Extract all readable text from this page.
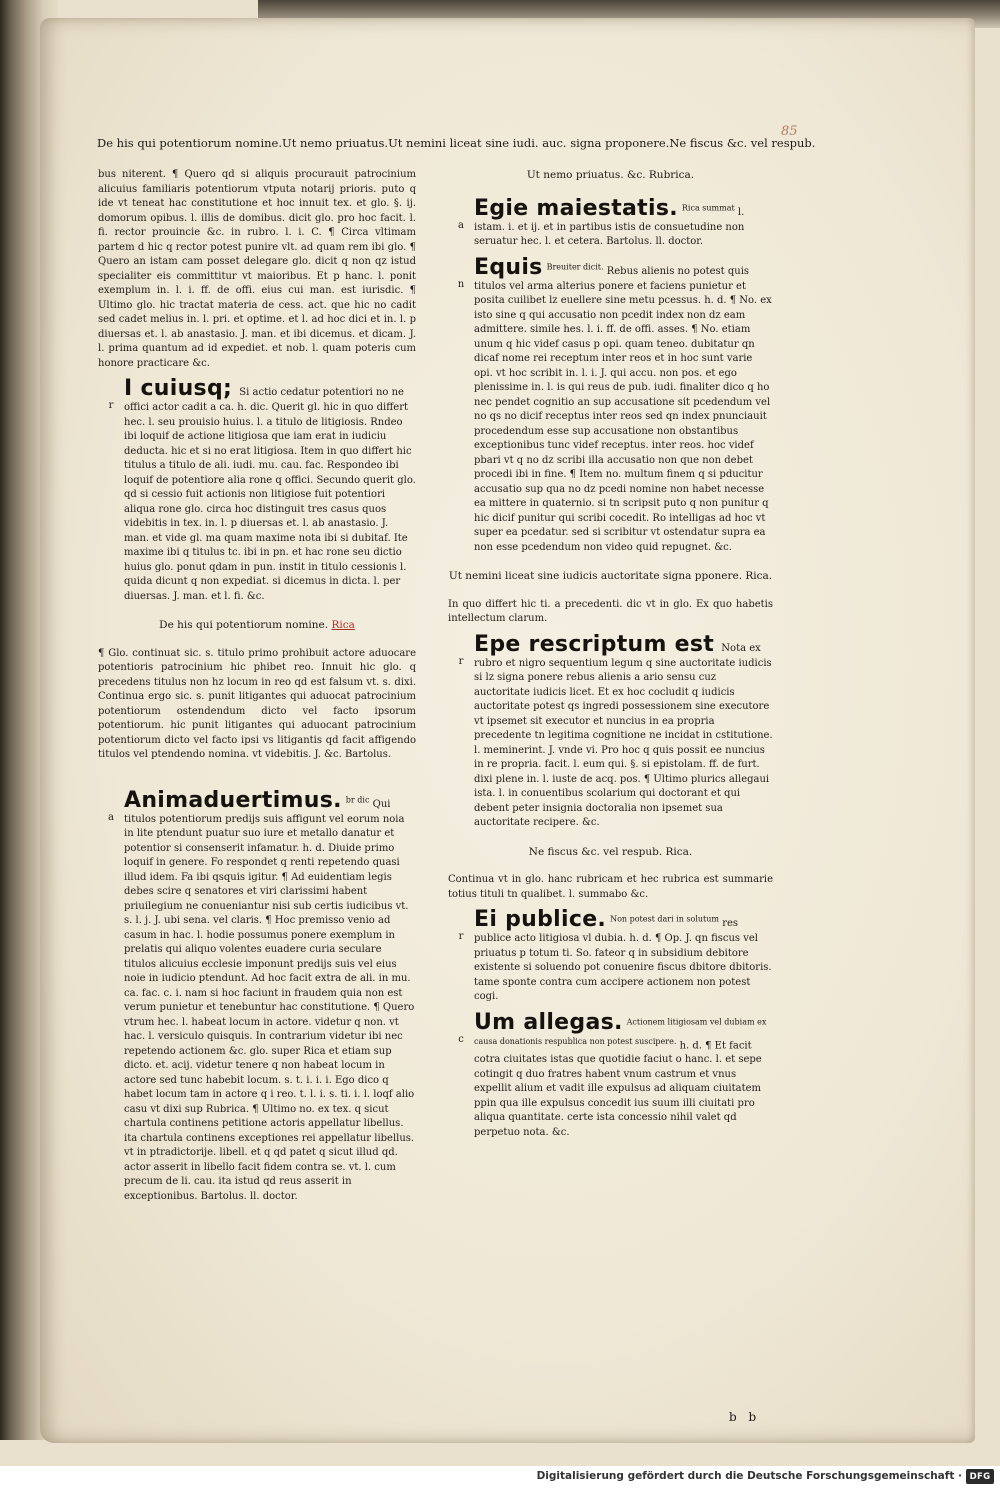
85
De his qui potentiorum nomine. Ut nemo priuatus. Ut nemini liceat sine iudi. auc. signa proponere. Ne fiscus &c. vel respub.

bus niterent. ¶ Quero qd si aliquis procurauit patrocinium alicuius familiaris potentiorum vtputa notarij prioris. puto q ide vt teneat hac constitutione et hoc innuit tex. et glo. §. ij. domorum opibus. l. illis de domibus. dicit glo. pro hoc facit. l. fi. rector prouincie &c. in rubro. l. i. C. ¶ Circa vltimam partem d hic q rector potest punire vlt. ad quam rem ibi glo. ¶ Quero an istam cam posset delegare glo. dicit q non qz istud specialiter eis committitur vt maioribus. Et p hanc. l. ponit exemplum in. l. i. ff. de offi. eius cui man. est iurisdic. ¶ Ultimo glo. hic tractat materia de cess. act. que hic no cadit sed cadet melius in. l. pri. et optime. et l. ad hoc dici et in. l. p diuersas et. l. ab anastasio. J. man. et ibi dicemus. et dicam. J. l. prima quantum ad id expediet. et nob. l. quam poteris cum honore practicare &c.

r
I cuiusq; Si actio cedatur potentiori no ne offici actor cadit a ca. h. dic. Querit gl. hic in quo differt hec. l. seu prouisio huius. l. a titulo de litigiosis. Rndeo ibi loquif de actione litigiosa que iam erat in iudiciu deducta. hic et si no erat litigiosa. Item in quo differt hic titulus a titulo de ali. iudi. mu. cau. fac. Respondeo ibi loquif de potentiore alia rone q offici. Secundo querit glo. qd si cessio fuit actionis non litigiose fuit potentiori aliqua rone glo. circa hoc distinguit tres casus quos videbitis in tex. in. l. p diuersas et. l. ab anastasio. J. man. et vide gl. ma quam maxime nota ibi si dubitaf. Ite maxime ibi q titulus tc. ibi in pn. et hac rone seu dictio huius glo. ponut qdam in pun. instit in titulo cessionis l. quida dicunt q non expediat. si dicemus in dicta. l. per diuersas. J. man. et l. fi. &c.

De his qui potentiorum nomine. Rica

¶ Glo. continuat sic. s. titulo primo prohibuit actore aduocare potentioris patrocinium hic phibet reo. Innuit hic glo. q precedens titulus non hz locum in reo qd est falsum vt. s. dixi. Continua ergo sic. s. punit litigantes qui aduocat patrocinium potentiorum ostendendum dicto vel facto ipsorum potentiorum. hic punit litigantes qui aduocant patrocinium potentiorum dicto vel facto ipsi vs litigantis qd facit affigendo titulos vel ptendendo nomina. vt videbitis. J. &c. Bartolus.

a
Animaduertimus. $^{br dic}$ Qui titulos potentiorum predijs suis affigunt vel eorum noia in lite ptendunt puatur suo iure et metallo danatur et potentior si consenserit infamatur. h. d. Diuide primo loquif in genere. Fo respondet q renti repetendo quasi illud idem. Fa ibi qsquis igitur. ¶ Ad euidentiam legis debes scire q senatores et viri clarissimi habent priuilegium ne conueniantur nisi sub certis iudicibus vt. s. l. j. J. ubi sena. vel claris. ¶ Hoc premisso venio ad casum in hac. l. hodie possumus ponere exemplum in prelatis qui aliquo volentes euadere curia seculare titulos alicuius ecclesie imponunt predijs suis vel eius noie in iudicio ptendunt. Ad hoc facit extra de ali. in mu. ca. fac. c. i. nam si hoc faciunt in fraudem quia non est verum punietur et tenebuntur hac constitutione. ¶ Quero vtrum hec. l. habeat locum in actore. videtur q non. vt hac. l. versiculo quisquis. In contrarium videtur ibi nec repetendo actionem &c. glo. super Rica et etiam sup dicto. et. acij. videtur tenere q non habeat locum in actore sed tunc habebit locum. s. t. i. i. i. Ego dico q habet locum tam in actore q i reo. t. l. i. s. ti. i. l. loqf alio casu vt dixi sup Rubrica. ¶ Ultimo no. ex tex. q sicut chartula continens petitione actoris appellatur libellus. ita chartula continens exceptiones rei appellatur libellus. vt in ptradictorije. libell. et q qd patet q sicut illud qd. actor asserit in libello facit fidem contra se. vt. l. cum precum de li. cau. ita istud qd reus asserit in exceptionibus. Bartolus. ll. doctor.

Ut nemo priuatus. &c. Rubrica.

a
Egie maiestatis. $^{Rica summat}$ l. istam. i. et ij. et in partibus istis de consuetudine non seruatur hec. l. et cetera. Bartolus. ll. doctor.
n
Equis $^{Breuiter dicit.}$ Rebus alienis no potest quis titulos vel arma alterius ponere et faciens punietur et posita cuilibet lz euellere sine metu pcessus. h. d. ¶ No. ex isto sine q qui accusatio non pcedit index non dz eam admittere. simile hes. l. i. ff. de offi. asses. ¶ No. etiam unum q hic videf casus p opi. quam teneo. dubitatur qn dicaf nome rei receptum inter reos et in hoc sunt varie opi. vt hoc scribit in. l. i. J. qui accu. non pos. et ego plenissime in. l. is qui reus de pub. iudi. finaliter dico q ho nec pendet cognitio an sup accusatione sit pcedendum vel no qs no dicif receptus inter reos sed qn index pnunciauit procedendum esse sup accusatione non obstantibus exceptionibus tunc videf receptus. inter reos. hoc videf pbari vt q no dz scribi illa accusatio non que non debet procedi ibi in fine. ¶ Item no. multum finem q si pducitur accusatio sup qua no dz pcedi nomine non habet necesse ea mittere in quaternio. si tn scripsit puto q non punitur q hic dicif punitur qui scribi cocedit. Ro intelligas ad hoc vt super ea pcedatur. sed si scribitur vt ostendatur supra ea non esse pcedendum non video quid repugnet. &c.

Ut nemini liceat sine iudicis auctoritate signa pponere. Rica.

In quo differt hic ti. a precedenti. dic vt in glo. Ex quo habetis intellectum clarum.

r
Epe rescriptum est Nota ex rubro et nigro sequentium legum q sine auctoritate iudicis si lz signa ponere rebus alienis a ario sensu cuz auctoritate iudicis licet. Et ex hoc cocludit q iudicis auctoritate potest qs ingredi possessionem sine executore vt ipsemet sit executor et nuncius in ea propria precedente tn legitima cognitione ne incidat in cstitutione. l. meminerint. J. vnde vi. Pro hoc q quis possit ee nuncius in re propria. facit. l. eum qui. §. si epistolam. ff. de furt. dixi plene in. l. iuste de acq. pos. ¶ Ultimo plurics allegaui ista. l. in conuentibus scolarium qui doctorant et qui debent peter insignia doctoralia non ipsemet sua auctoritate recipere. &c.

Ne fiscus &c. vel respub. Rica.

Continua vt in glo. hanc rubricam et hec rubrica est summarie totius tituli tn qualibet. l. summabo &c.

r
Ei publice. $^{Non potest dari in solutum}$ res publice acto litigiosa vl dubia. h. d. ¶ Op. J. qn fiscus vel priuatus p totum ti. So. fateor q in subsidium debitore existente si soluendo pot conuenire fiscus dbitore dbitoris. tame sponte contra cum accipere actionem non potest cogi.
c
Um allegas. $^{Actionem litigiosam vel dubiam ex causa donationis respublica non potest suscipere.}$ h. d. ¶ Et facit cotra ciuitates istas que quotidie faciut o hanc. l. et sepe cotingit q duo fratres habent vnum castrum et vnus expellit alium et vadit ille expulsus ad aliquam ciuitatem ppin qua ille expulsus concedit ius suum illi ciuitati pro aliqua quantitate. certe ista concessio nihil valet qd perpetuo nota. &c.
b b
Digitalisierung gefördert durch die Deutsche Forschungsgemeinschaft · DFG
